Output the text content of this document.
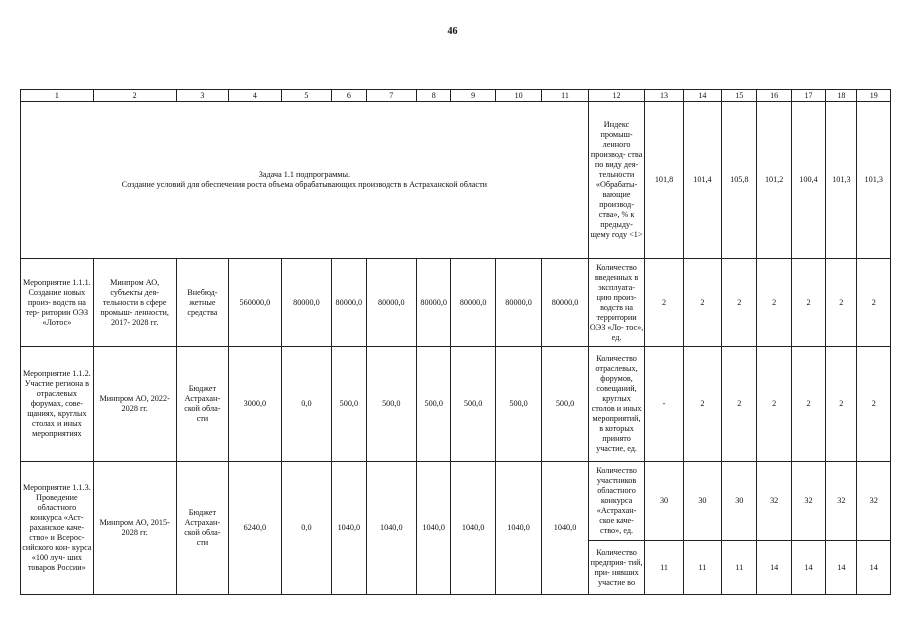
46
1	2	3	4	5	6	7	8	9	10	11	12	13	14	15	16	17	18	19

Задача 1.1 подпрограммы.
Создание условий для обеспечения роста объема обрабатывающих производств в Астраханской области											Индекс промыш- ленного производ- ства по виду дея- тельности «Обрабаты- вающие производ- ства», % к предыду- щему году <1>	101,8	101,4	105,8	101,2	100,4	101,3	101,3
Мероприятие 1.1.1. Создание новых произ- водств на тер- ритории ОЭЗ «Лотос»	Минпром АО, субъекты дея- тельности в сфере промыш- ленности, 2017- 2028 гг.	Внебюд- жетные средства	560000,0	80000,0	80000,0	80000,0	80000,0	80000,0	80000,0	80000,0	Количество введенных в эксплуата- цию произ- водств на территории ОЭЗ «Ло- тос», ед.	2	2	2	2	2	2	2
Мероприятие 1.1.2. Участие региона в отраслевых форумах, сове- щаниях, круглых столах и иных мероприятиях	Минпром АО, 2022-2028 гг.	Бюджет Астрахан- ской обла- сти	3000,0	0,0	500,0	500,0	500,0	500,0	500,0	500,0	Количество отраслевых, форумов, совещаний, круглых столов и иных мероприятий, в которых принято участие, ед.	-	2	2	2	2	2	2
Мероприятие 1.1.3. Проведение областного конкурса «Аст- раханское каче- ство» и Всерос- сийского кон- курса «100 луч- ших товаров России»	Минпром АО, 2015-2028 гг.	Бюджет Астрахан- ской обла- сти	6240,0	0,0	1040,0	1040,0	1040,0	1040,0	1040,0	1040,0	Количество участников областного конкурса «Астрахан- ское каче- ство», ед.	30	30	30	32	32	32	32
											Количество предприя- тий, при- нявших участие во	11	11	11	14	14	14	14
